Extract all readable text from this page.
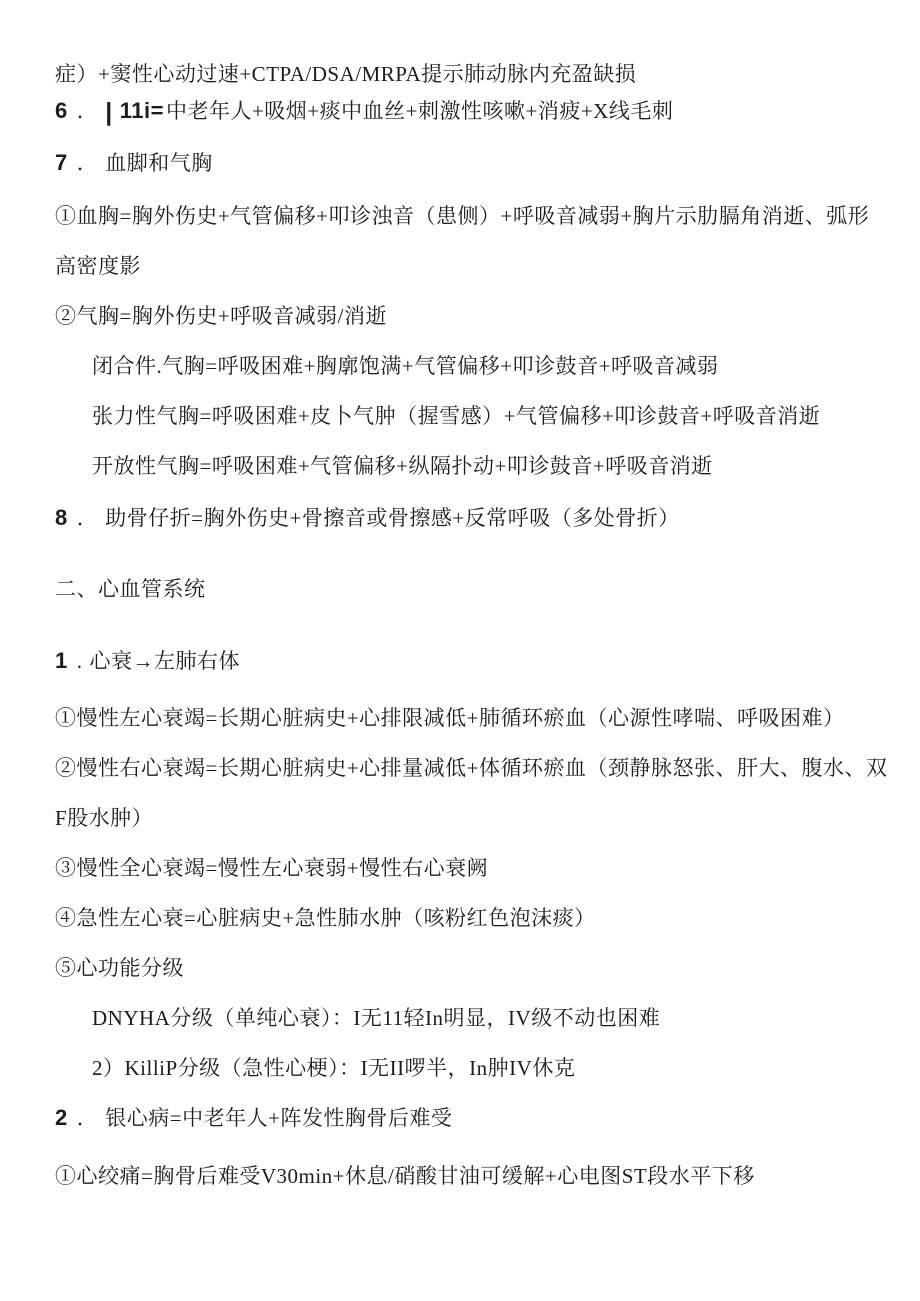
症）+窦性心动过速+CTPA/DSA/MRPA提示肺动脉内充盈缺损

6 ． | 11i=中老年人+吸烟+痰中血丝+刺激性咳嗽+消疲+X线毛刺

7 ． 血脚和气胸

①血胸=胸外伤史+气管偏移+叩诊浊音（患侧）+呼吸音减弱+胸片示肋膈角消逝、弧形

高密度影

②气胸=胸外伤史+呼吸音减弱/消逝

闭合件.气胸=呼吸困难+胸廓饱满+气管偏移+叩诊鼓音+呼吸音减弱

张力性气胸=呼吸困难+皮卜气肿（握雪感）+气管偏移+叩诊鼓音+呼吸音消逝

开放性气胸=呼吸困难+气管偏移+纵隔扑动+叩诊鼓音+呼吸音消逝

8 ． 助骨仔折=胸外伤史+骨擦音或骨擦感+反常呼吸（多处骨折）

二、心血管系统

1 . 心衰→左肺右体

①慢性左心衰竭=长期心脏病史+心排限减低+肺循环瘀血（心源性哮喘、呼吸困难）

②慢性右心衰竭=长期心脏病史+心排量减低+体循环瘀血（颈静脉怒张、肝大、腹水、双

F股水肿）

③慢性全心衰竭=慢性左心衰弱+慢性右心衰阙

④急性左心衰=心脏病史+急性肺水肿（咳粉红色泡沫痰）

⑤心功能分级

DNYHA分级（单纯心衰）：I无11轻In明显，IV级不动也困难

2）KilliP分级（急性心梗）：I无II啰半，In肿IV休克

2 ． 银心病=中老年人+阵发性胸骨后难受

①心绞痛=胸骨后难受V30min+休息/硝酸甘油可缓解+心电图ST段水平下移
